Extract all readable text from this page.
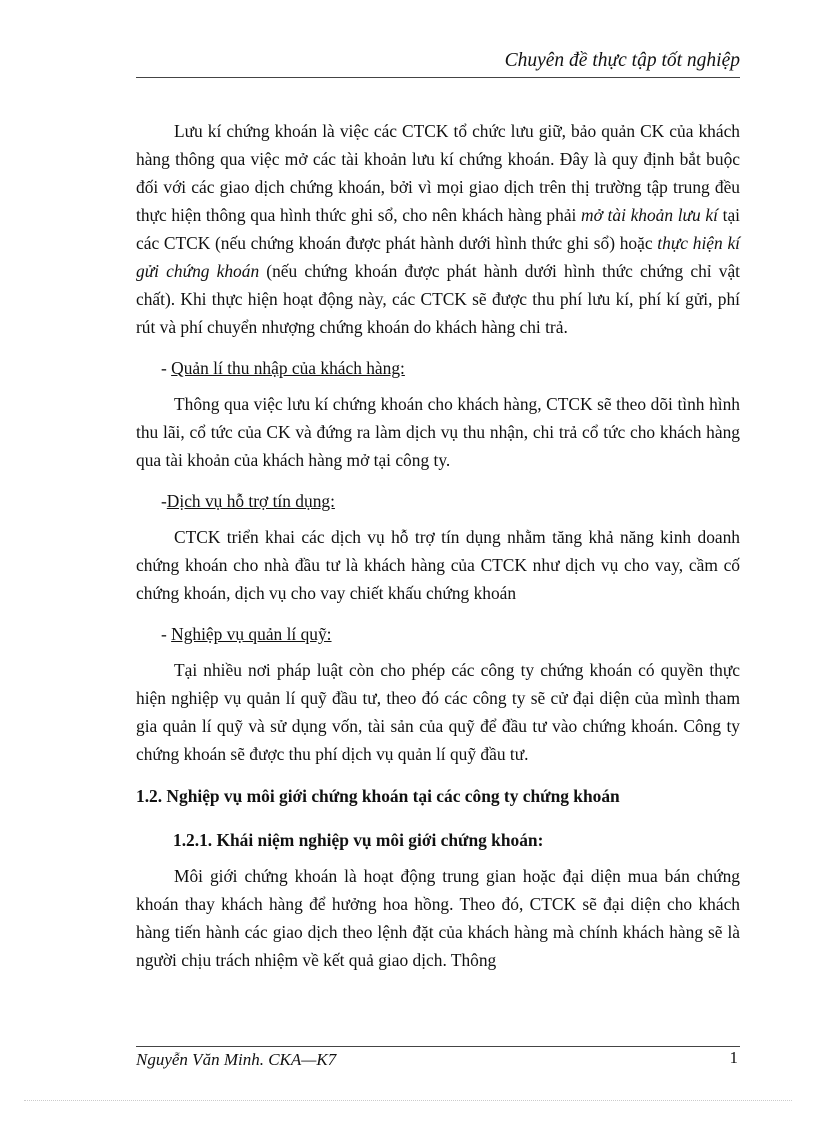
Chuyên đề thực tập tốt nghiệp

Lưu kí chứng khoán là việc các CTCK tổ chức lưu giữ, bảo quản CK của khách hàng thông qua việc mở các tài khoản lưu kí chứng khoán. Đây là quy định bắt buộc đối với các giao dịch chứng khoán, bởi vì mọi giao dịch trên thị trường tập trung đều thực hiện thông qua hình thức ghi sổ, cho nên khách hàng phải mở tài khoản lưu kí tại các CTCK (nếu chứng khoán được phát hành dưới hình thức ghi sổ) hoặc thực hiện kí gửi chứng khoán (nếu chứng khoán được phát hành dưới hình thức chứng chỉ vật chất). Khi thực hiện hoạt động này, các CTCK sẽ được thu phí lưu kí, phí kí gửi, phí rút và phí chuyển nhượng chứng khoán do khách hàng chi trả.

- Quản lí thu nhập của khách hàng:

Thông qua việc lưu kí chứng khoán cho khách hàng, CTCK sẽ theo dõi tình hình thu lãi, cổ tức của CK và đứng ra làm dịch vụ thu nhận, chi trả cổ tức cho khách hàng qua tài khoản của khách hàng mở tại công ty.

-Dịch vụ hỗ trợ tín dụng:

CTCK triển khai các dịch vụ hỗ trợ tín dụng nhằm tăng khả năng kinh doanh chứng khoán cho nhà đầu tư là khách hàng của CTCK như dịch vụ cho vay, cầm cố chứng khoán, dịch vụ cho vay chiết khấu chứng khoán

- Nghiệp vụ quản lí quỹ:

Tại nhiều nơi pháp luật còn cho phép các công ty chứng khoán có quyền thực hiện nghiệp vụ quản lí quỹ đầu tư, theo đó các công ty sẽ cử đại diện của mình tham gia quản lí quỹ và sử dụng vốn, tài sản của quỹ để đầu tư vào chứng khoán. Công ty chứng khoán sẽ được thu phí dịch vụ quản lí quỹ đầu tư.

1.2. Nghiệp vụ môi giới chứng khoán tại các công ty chứng khoán

1.2.1. Khái niệm nghiệp vụ môi giới chứng khoán:

Môi giới chứng khoán là hoạt động trung gian hoặc đại diện mua bán chứng khoán thay khách hàng để hưởng hoa hồng. Theo đó, CTCK sẽ đại diện cho khách hàng tiến hành các giao dịch theo lệnh đặt của khách hàng mà chính khách hàng sẽ là người chịu trách nhiệm về kết quả giao dịch. Thông

Nguyễn Văn Minh. CKA—K7	1
